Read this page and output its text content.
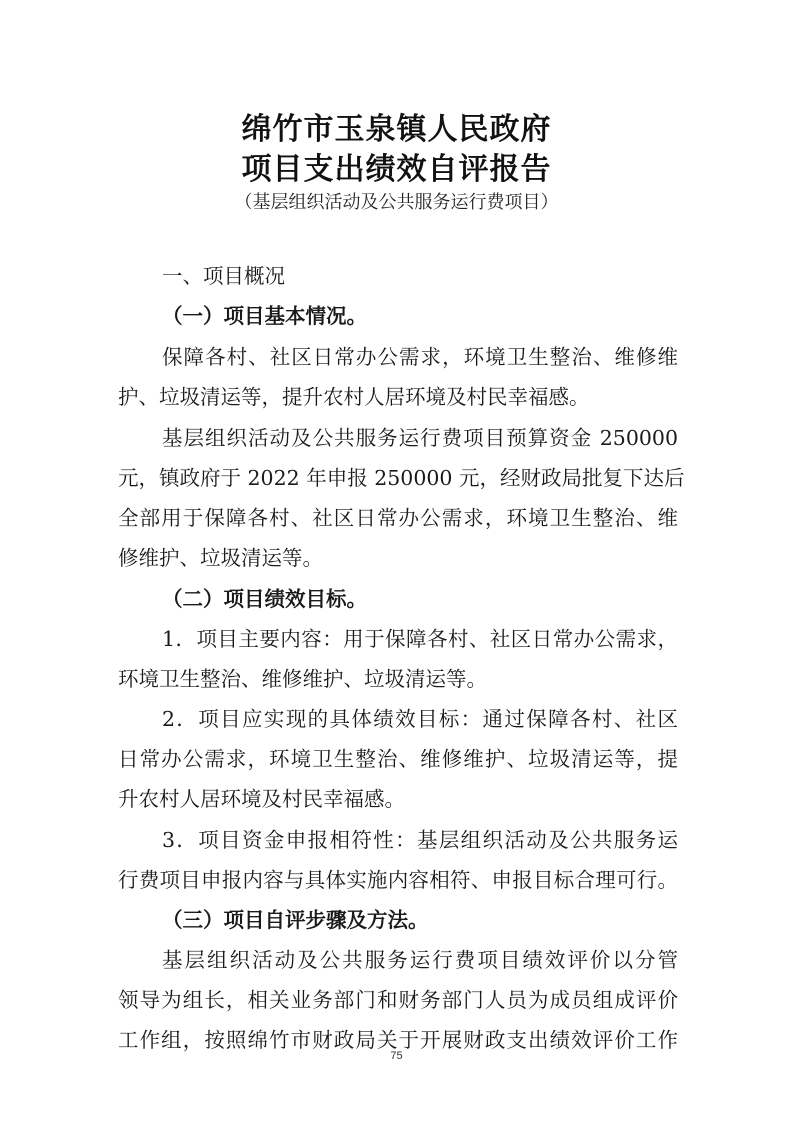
绵竹市玉泉镇人民政府
项目支出绩效自评报告
（基层组织活动及公共服务运行费项目）
一、项目概况
（一）项目基本情况。
保障各村、社区日常办公需求，环境卫生整治、维修维
护、垃圾清运等，提升农村人居环境及村民幸福感。
基层组织活动及公共服务运行费项目预算资金 250000
元，镇政府于 2022 年申报 250000 元，经财政局批复下达后
全部用于保障各村、社区日常办公需求，环境卫生整治、维
修维护、垃圾清运等。
（二）项目绩效目标。
1．项目主要内容：用于保障各村、社区日常办公需求，
环境卫生整治、维修维护、垃圾清运等。
2．项目应实现的具体绩效目标：通过保障各村、社区
日常办公需求，环境卫生整治、维修维护、垃圾清运等，提
升农村人居环境及村民幸福感。
3．项目资金申报相符性：基层组织活动及公共服务运
行费项目申报内容与具体实施内容相符、申报目标合理可行。
（三）项目自评步骤及方法。
基层组织活动及公共服务运行费项目绩效评价以分管
领导为组长，相关业务部门和财务部门人员为成员组成评价
工作组，按照绵竹市财政局关于开展财政支出绩效评价工作
75
